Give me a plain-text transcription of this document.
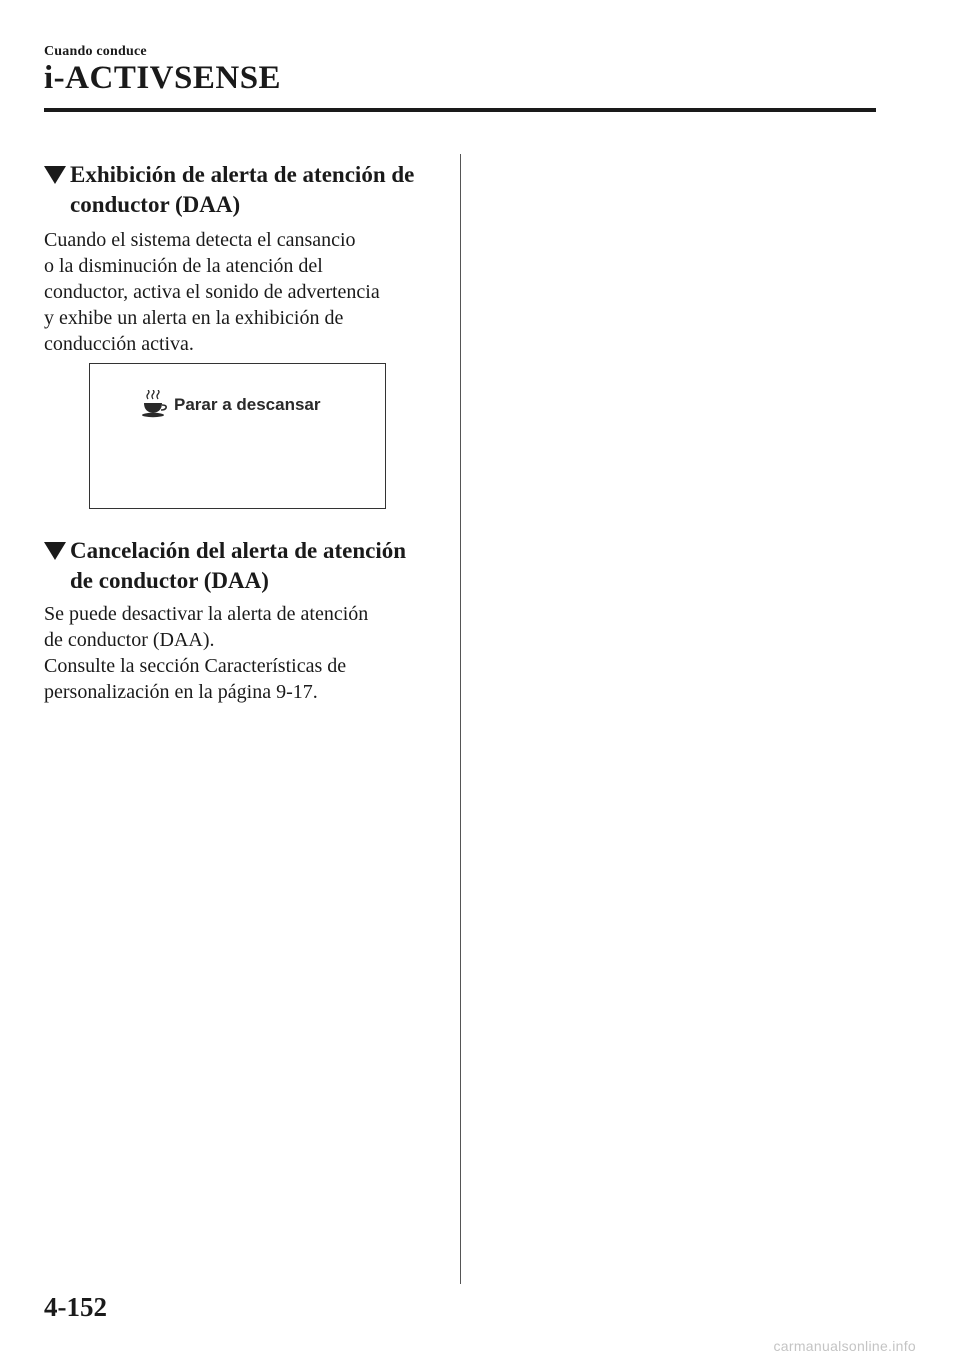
Cuando conduce
i-ACTIVSENSE
Exhibición de alerta de atención de
conductor (DAA)
Cuando el sistema detecta el cansancio
o la disminución de la atención del
conductor, activa el sonido de advertencia
y exhibe un alerta en la exhibición de
conducción activa.
Parar a descansar
Cancelación del alerta de atención
de conductor (DAA)
Se puede desactivar la alerta de atención
de conductor (DAA).
Consulte la sección Características de
personalización en la página 9-17.
4-152
carmanualsonline.info
